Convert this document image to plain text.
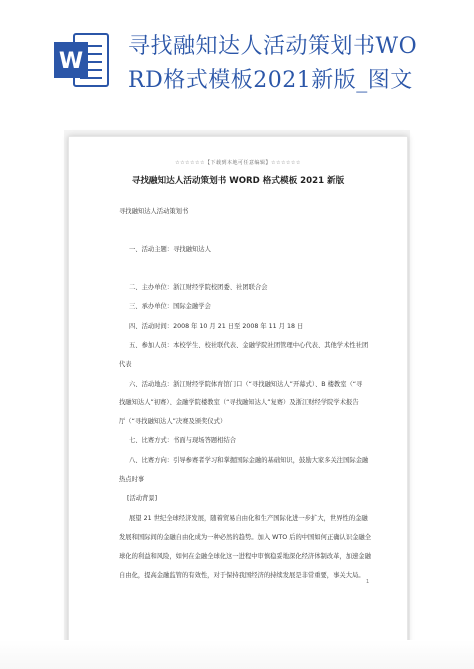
W
寻找融知达人活动策划书WO
RD格式模板2021新版_图文
☆☆☆☆☆☆【下载到本地可任意编辑】☆☆☆☆☆☆
寻找融知达人活动策划书 WORD 格式模板 2021 新版
寻找融知达人活动策划书
一、活动主题：寻找融知达人
二、主办单位：浙江财经学院校团委、社团联合会
三、承办单位：国际金融学会
四、活动时间：2008 年 10 月 21 日至 2008 年 11 月 18 日
五、参加人员：本校学生、校社联代表、金融学院社团管理中心代表、其他学术性社团
代表
六、活动地点：浙江财经学院体育馆门口（“寻找融知达人”开幕式）、B 楼教室（“寻
找融知达人”初赛）、金融学院楼教室（“寻找融知达人”复赛）及浙江财经学院学术报告
厅（“寻找融知达人”决赛及颁奖仪式）
七、比赛方式：书面与现场答题相结合
八、比赛方向：引导参赛者学习和掌握国际金融的基础知识，鼓励大家多关注国际金融
热点时事
[活动背景]
展望 21 世纪全球经济发展，随着贸易自由化和生产国际化进一步扩大，世界性的金融
发展和国际间的金融自由化成为一种必然的趋势。加入 WTO 后的中国如何正确认识金融全
球化的利益和风险，如何在金融全球化这一进程中审慎稳妥地深化经济体制改革，加速金融
自由化，提高金融监管的有效性，对于保持我国经济的持续发展是非常重要，事关大局。
1
